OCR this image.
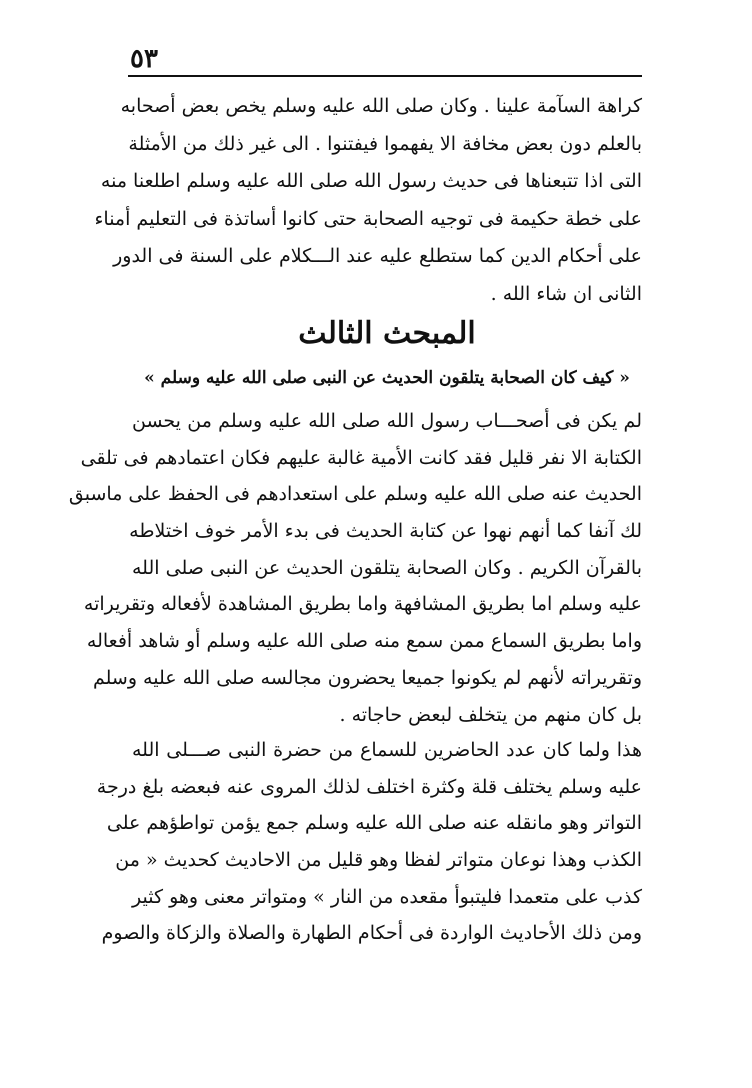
٥٣
كراهة السآمة علينا . وكان صلى الله عليه وسلم يخص بعض أصحابه
بالعلم دون بعض مخافة الا يفهموا فيفتنوا . الى غير ذلك من الأمثلة
التى اذا تتبعناها فى حديث رسول الله صلى الله عليه وسلم اطلعنا منه
على خطة حكيمة فى توجيه الصحابة حتى كانوا أساتذة فى التعليم أمناء
على أحكام الدين كما ستطلع عليه عند الـــكلام على السنة فى الدور
الثانى ان شاء الله .
المبحث الثالث
« كيف كان الصحابة يتلقون الحديث عن النبى صلى الله عليه وسلم »
لم يكن فى أصحـــاب رسول الله صلى الله عليه وسلم من يحسن
الكتابة الا نفر قليل فقد كانت الأمية غالبة عليهم فكان اعتمادهم فى تلقى
الحديث عنه صلى الله عليه وسلم على استعدادهم فى الحفظ على ماسبق
لك آنفا كما أنهم نهوا عن كتابة الحديث فى بدء الأمر خوف اختلاطه
بالقرآن الكريم . وكان الصحابة يتلقون الحديث عن النبى صلى الله
عليه وسلم اما بطريق المشافهة واما بطريق المشاهدة لأفعاله وتقريراته
واما بطريق السماع ممن سمع منه صلى الله عليه وسلم أو شاهد أفعاله
وتقريراته لأنهم لم يكونوا جميعا يحضرون مجالسه صلى الله عليه وسلم
بل كان منهم من يتخلف لبعض حاجاته .
هذا ولما كان عدد الحاضرين للسماع من حضرة النبى صـــلى الله
عليه وسلم يختلف قلة وكثرة اختلف لذلك المروى عنه فبعضه بلغ درجة
التواتر وهو مانقله عنه صلى الله عليه وسلم جمع يؤمن تواطؤهم على
الكذب وهذا نوعان متواتر لفظا وهو قليل من الاحاديث كحديث « من
كذب على متعمدا فليتبوأ مقعده من النار » ومتواتر معنى وهو كثير
ومن ذلك الأحاديث الواردة فى أحكام الطهارة والصلاة والزكاة والصوم
